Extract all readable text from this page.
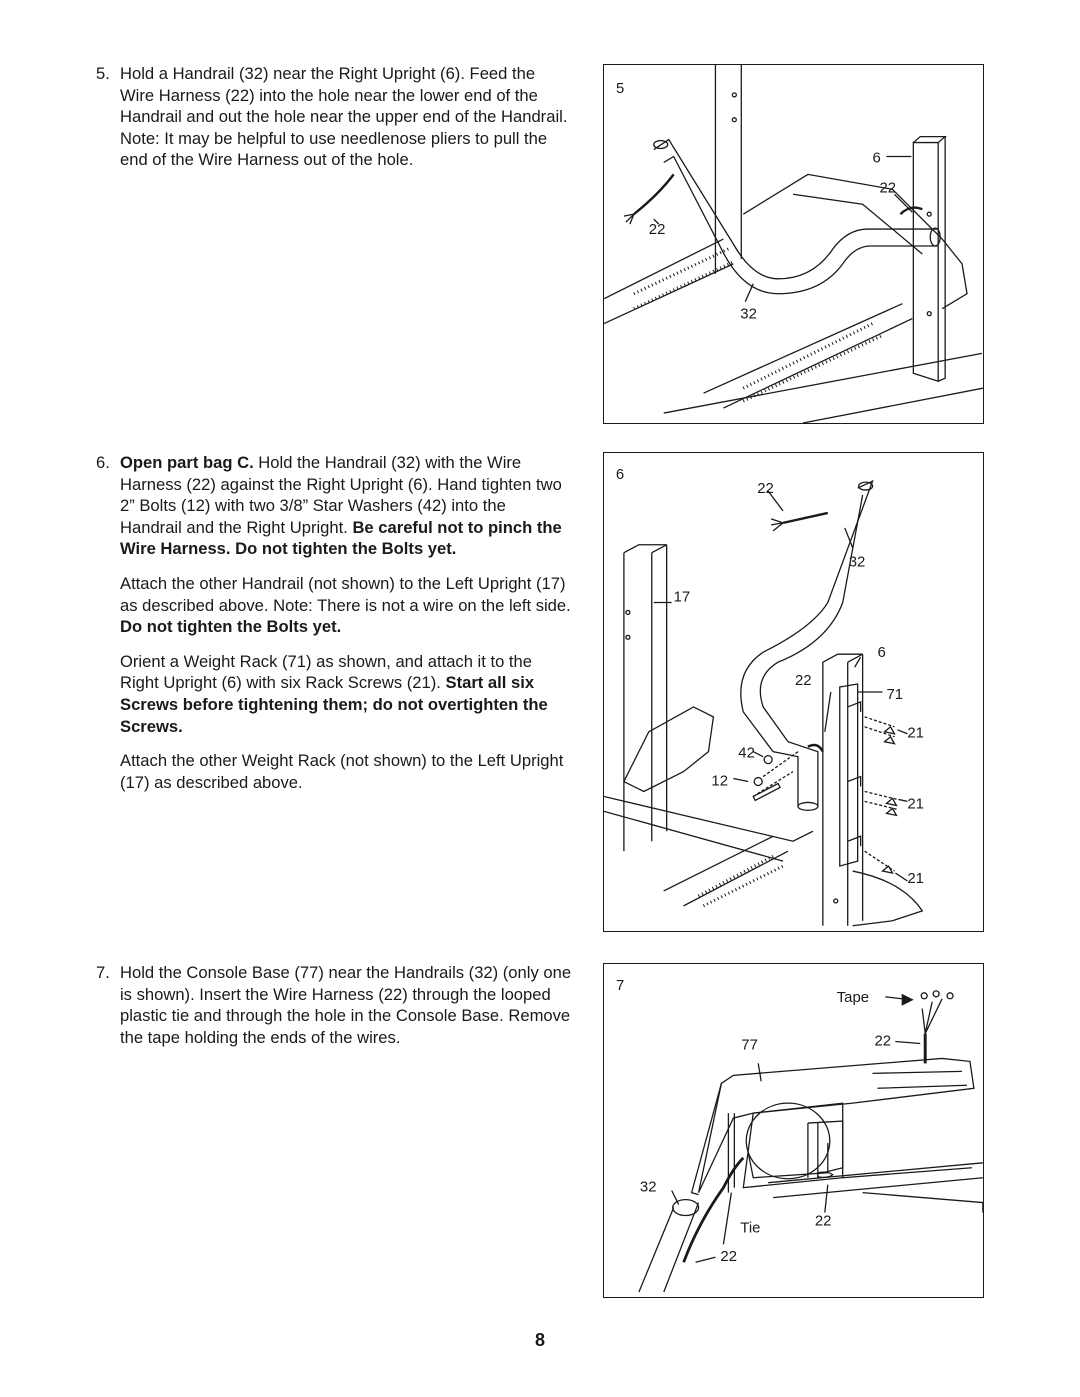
5. Hold a Handrail (32) near the Right Upright (6). Feed the Wire Harness (22) into the hole near the lower end of the Handrail and out the hole near the upper end of the Handrail. Note: It may be helpful to use needlenose pliers to pull the end of the Wire Harness out of the hole.

6. Open part bag C. Hold the Handrail (32) with the Wire Harness (22) against the Right Upright (6). Hand tighten two 2” Bolts (12) with two 3/8” Star Washers (42) into the Handrail and the Right Upright. Be careful not to pinch the Wire Harness. Do not tighten the Bolts yet.

Attach the other Handrail (not shown) to the Left Upright (17) as described above. Note: There is not a wire on the left side. Do not tighten the Bolts yet.

Orient a Weight Rack (71) as shown, and attach it to the Right Upright (6) with six Rack Screws (21). Start all six Screws before tightening them; do not overtighten the Screws.

Attach the other Weight Rack (not shown) to the Left Upright (17) as described above.

7. Hold the Console Base (77) near the Handrails (32) (only one is shown). Insert the Wire Harness (22) through the looped plastic tie and through the hole in the Console Base. Remove the tape holding the ends of the wires.

5
6
22
22
32
6
22
32
17
6
22
71
21
42
12
21
21
7
Tape
77	22
32
Tie	22
22
8
